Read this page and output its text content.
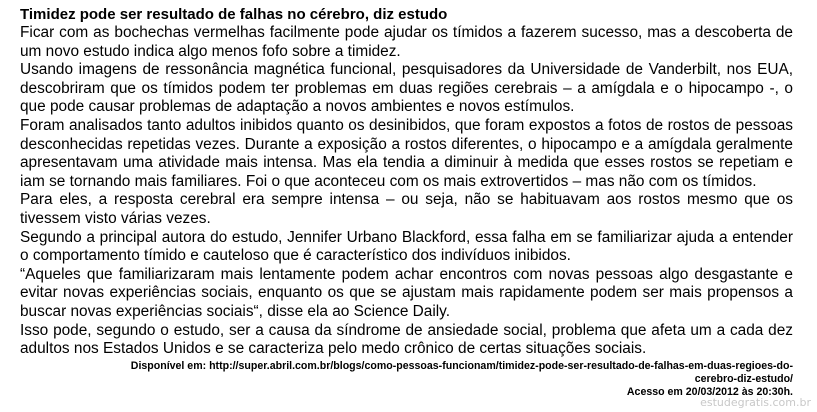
Timidez pode ser resultado de falhas no cérebro, diz estudo

Ficar com as bochechas vermelhas facilmente pode ajudar os tímidos a fazerem sucesso, mas a descoberta de um novo estudo indica algo menos fofo sobre a timidez.

Usando imagens de ressonância magnética funcional, pesquisadores da Universidade de Vanderbilt, nos EUA, descobriram que os tímidos podem ter problemas em duas regiões cerebrais – a amígdala e o hipocampo -, o que pode causar problemas de adaptação a novos ambientes e novos estímulos.

Foram analisados tanto adultos inibidos quanto os desinibidos, que foram expostos a fotos de rostos de pessoas desconhecidas repetidas vezes. Durante a exposição a rostos diferentes, o hipocampo e a amígdala geralmente apresentavam uma atividade mais intensa. Mas ela tendia a diminuir à medida que esses rostos se repetiam e iam se tornando mais familiares. Foi o que aconteceu com os mais extrovertidos – mas não com os tímidos.

Para eles, a resposta cerebral era sempre intensa – ou seja, não se habituavam aos rostos mesmo que os tivessem visto várias vezes.

Segundo a principal autora do estudo, Jennifer Urbano Blackford, essa falha em se familiarizar ajuda a entender o comportamento tímido e cauteloso que é característico dos indivíduos inibidos.

“Aqueles que familiarizaram mais lentamente podem achar encontros com novas pessoas algo desgastante e evitar novas experiências sociais, enquanto os que se ajustam mais rapidamente podem ser mais propensos a buscar novas experiências sociais“, disse ela ao Science Daily.

Isso pode, segundo o estudo, ser a causa da síndrome de ansiedade social, problema que afeta um a cada dez adultos nos Estados Unidos e se caracteriza pelo medo crônico de certas situações sociais.

Disponível em: http://super.abril.com.br/blogs/como-pessoas-funcionam/timidez-pode-ser-resultado-de-falhas-em-duas-regioes-do-
cerebro-diz-estudo/
Acesso em 20/03/2012 às 20:30h.
estudegratis.com.br
